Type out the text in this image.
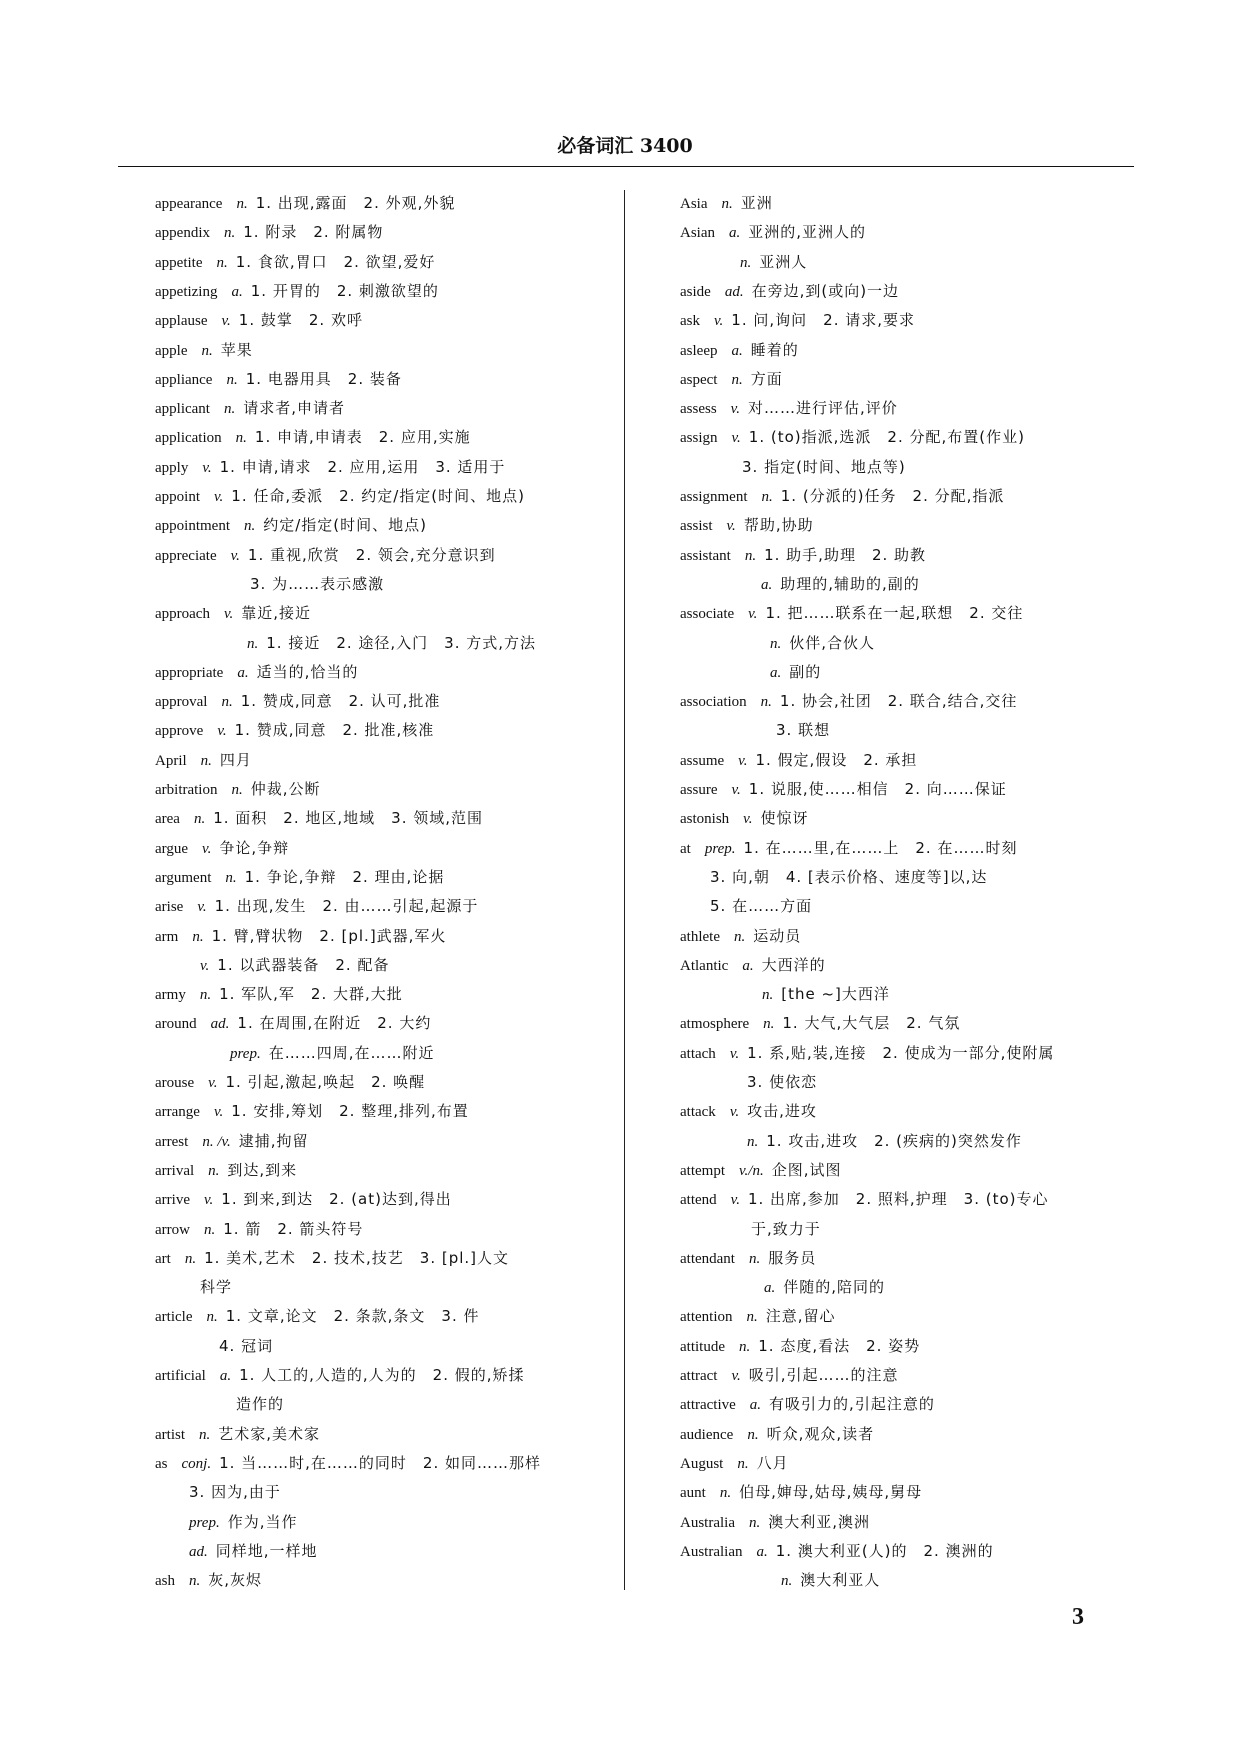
必备词汇 3400
appearance n. 1. 出现,露面　2. 外观,外貌
appendix n. 1. 附录　2. 附属物
appetite n. 1. 食欲,胃口　2. 欲望,爱好
appetizing a. 1. 开胃的　2. 刺激欲望的
applause v. 1. 鼓掌　2. 欢呼
apple n. 苹果
appliance n. 1. 电器用具　2. 装备
applicant n. 请求者,申请者
application n. 1. 申请,申请表　2. 应用,实施
apply v. 1. 申请,请求　2. 应用,运用　3. 适用于
appoint v. 1. 任命,委派　2. 约定/指定(时间、地点)
appointment n. 约定/指定(时间、地点)
appreciate v. 1. 重视,欣赏　2. 领会,充分意识到
3. 为……表示感激
approach v. 靠近,接近
n. 1. 接近　2. 途径,入门　3. 方式,方法
appropriate a. 适当的,恰当的
approval n. 1. 赞成,同意　2. 认可,批准
approve v. 1. 赞成,同意　2. 批准,核准
April n. 四月
arbitration n. 仲裁,公断
area n. 1. 面积　2. 地区,地域　3. 领域,范围
argue v. 争论,争辩
argument n. 1. 争论,争辩　2. 理由,论据
arise v. 1. 出现,发生　2. 由……引起,起源于
arm n. 1. 臂,臂状物　2. [pl.]武器,军火
v. 1. 以武器装备　2. 配备
army n. 1. 军队,军　2. 大群,大批
around ad. 1. 在周围,在附近　2. 大约
prep. 在……四周,在……附近
arouse v. 1. 引起,激起,唤起　2. 唤醒
arrange v. 1. 安排,筹划　2. 整理,排列,布置
arrest n. /v. 逮捕,拘留
arrival n. 到达,到来
arrive v. 1. 到来,到达　2. (at)达到,得出
arrow n. 1. 箭　2. 箭头符号
art n. 1. 美术,艺术　2. 技术,技艺　3. [pl.]人文
科学
article n. 1. 文章,论文　2. 条款,条文　3. 件
4. 冠词
artificial a. 1. 人工的,人造的,人为的　2. 假的,矫揉
造作的
artist n. 艺术家,美术家
as conj. 1. 当……时,在……的同时　2. 如同……那样
3. 因为,由于
prep. 作为,当作
ad. 同样地,一样地
ash n. 灰,灰烬
Asia n. 亚洲
Asian a. 亚洲的,亚洲人的
n. 亚洲人
aside ad. 在旁边,到(或向)一边
ask v. 1. 问,询问　2. 请求,要求
asleep a. 睡着的
aspect n. 方面
assess v. 对……进行评估,评价
assign v. 1. (to)指派,选派　2. 分配,布置(作业)
3. 指定(时间、地点等)
assignment n. 1. (分派的)任务　2. 分配,指派
assist v. 帮助,协助
assistant n. 1. 助手,助理　2. 助教
a. 助理的,辅助的,副的
associate v. 1. 把……联系在一起,联想　2. 交往
n. 伙伴,合伙人
a. 副的
association n. 1. 协会,社团　2. 联合,结合,交往
3. 联想
assume v. 1. 假定,假设　2. 承担
assure v. 1. 说服,使……相信　2. 向……保证
astonish v. 使惊讶
at prep. 1. 在……里,在……上　2. 在……时刻
3. 向,朝　4. [表示价格、速度等]以,达
5. 在……方面
athlete n. 运动员
Atlantic a. 大西洋的
n. [the ~]大西洋
atmosphere n. 1. 大气,大气层　2. 气氛
attach v. 1. 系,贴,装,连接　2. 使成为一部分,使附属
3. 使依恋
attack v. 攻击,进攻
n. 1. 攻击,进攻　2. (疾病的)突然发作
attempt v./n. 企图,试图
attend v. 1. 出席,参加　2. 照料,护理　3. (to)专心
于,致力于
attendant n. 服务员
a. 伴随的,陪同的
attention n. 注意,留心
attitude n. 1. 态度,看法　2. 姿势
attract v. 吸引,引起……的注意
attractive a. 有吸引力的,引起注意的
audience n. 听众,观众,读者
August n. 八月
aunt n. 伯母,婶母,姑母,姨母,舅母
Australia n. 澳大利亚,澳洲
Australian a. 1. 澳大利亚(人)的　2. 澳洲的
n. 澳大利亚人
3
